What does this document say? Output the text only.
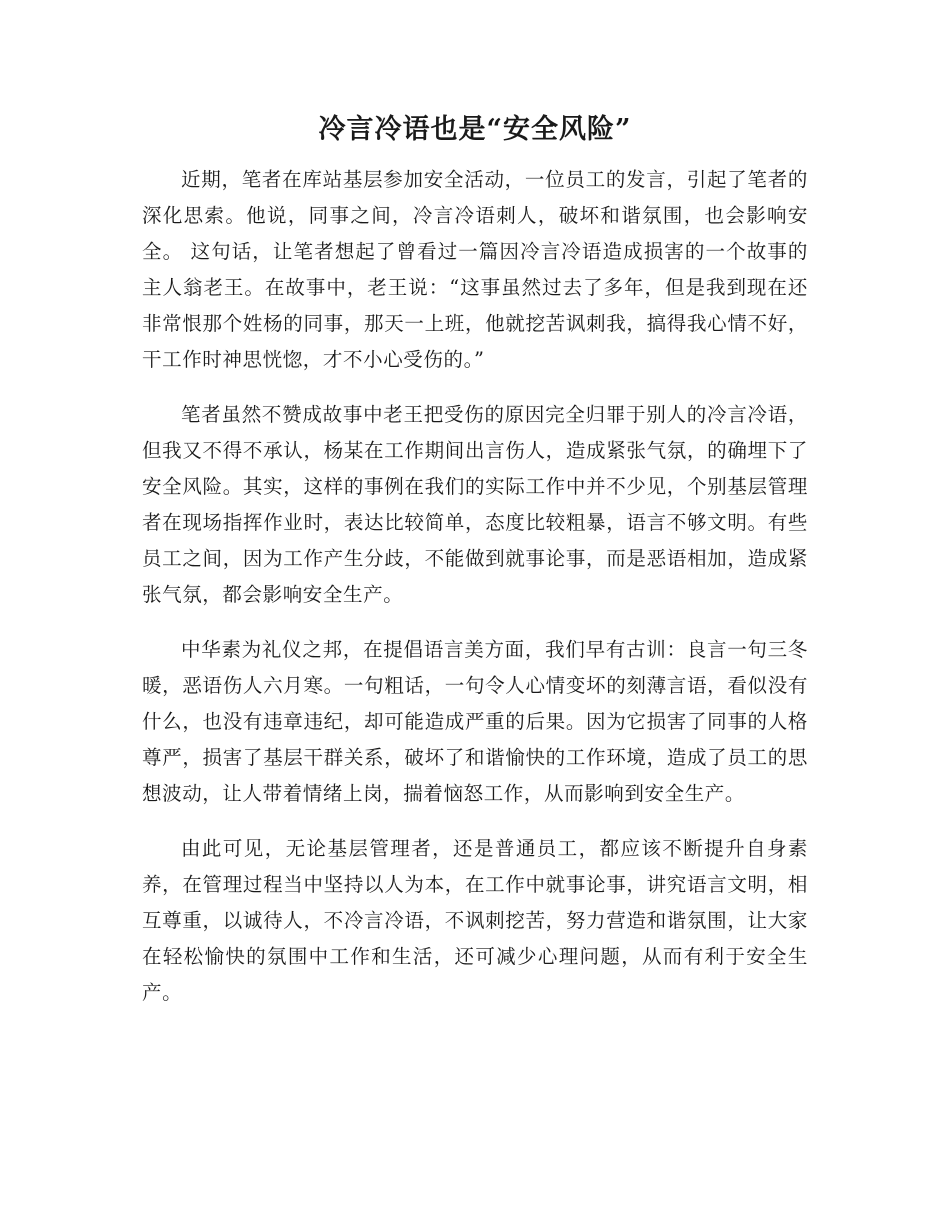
冷言冷语也是“安全风险”

近期，笔者在库站基层参加安全活动，一位员工的发言，引起了笔者的深化思索。他说，同事之间，冷言冷语刺人，破坏和谐氛围，也会影响安全。 这句话，让笔者想起了曾看过一篇因冷言冷语造成损害的一个故事的主人翁老王。在故事中，老王说：“这事虽然过去了多年，但是我到现在还非常恨那个姓杨的同事，那天一上班，他就挖苦讽刺我，搞得我心情不好，干工作时神思恍惚，才不小心受伤的。”

笔者虽然不赞成故事中老王把受伤的原因完全归罪于别人的冷言冷语，但我又不得不承认，杨某在工作期间出言伤人，造成紧张气氛，的确埋下了安全风险。其实，这样的事例在我们的实际工作中并不少见，个别基层管理者在现场指挥作业时，表达比较简单，态度比较粗暴，语言不够文明。有些员工之间，因为工作产生分歧，不能做到就事论事，而是恶语相加，造成紧张气氛，都会影响安全生产。

中华素为礼仪之邦，在提倡语言美方面，我们早有古训：良言一句三冬暖，恶语伤人六月寒。一句粗话，一句令人心情变坏的刻薄言语，看似没有什么，也没有违章违纪，却可能造成严重的后果。因为它损害了同事的人格尊严，损害了基层干群关系，破坏了和谐愉快的工作环境，造成了员工的思想波动，让人带着情绪上岗，揣着恼怒工作，从而影响到安全生产。

由此可见，无论基层管理者，还是普通员工，都应该不断提升自身素养，在管理过程当中坚持以人为本，在工作中就事论事，讲究语言文明，相互尊重，以诚待人，不冷言冷语，不讽刺挖苦，努力营造和谐氛围，让大家在轻松愉快的氛围中工作和生活，还可减少心理问题，从而有利于安全生产。
